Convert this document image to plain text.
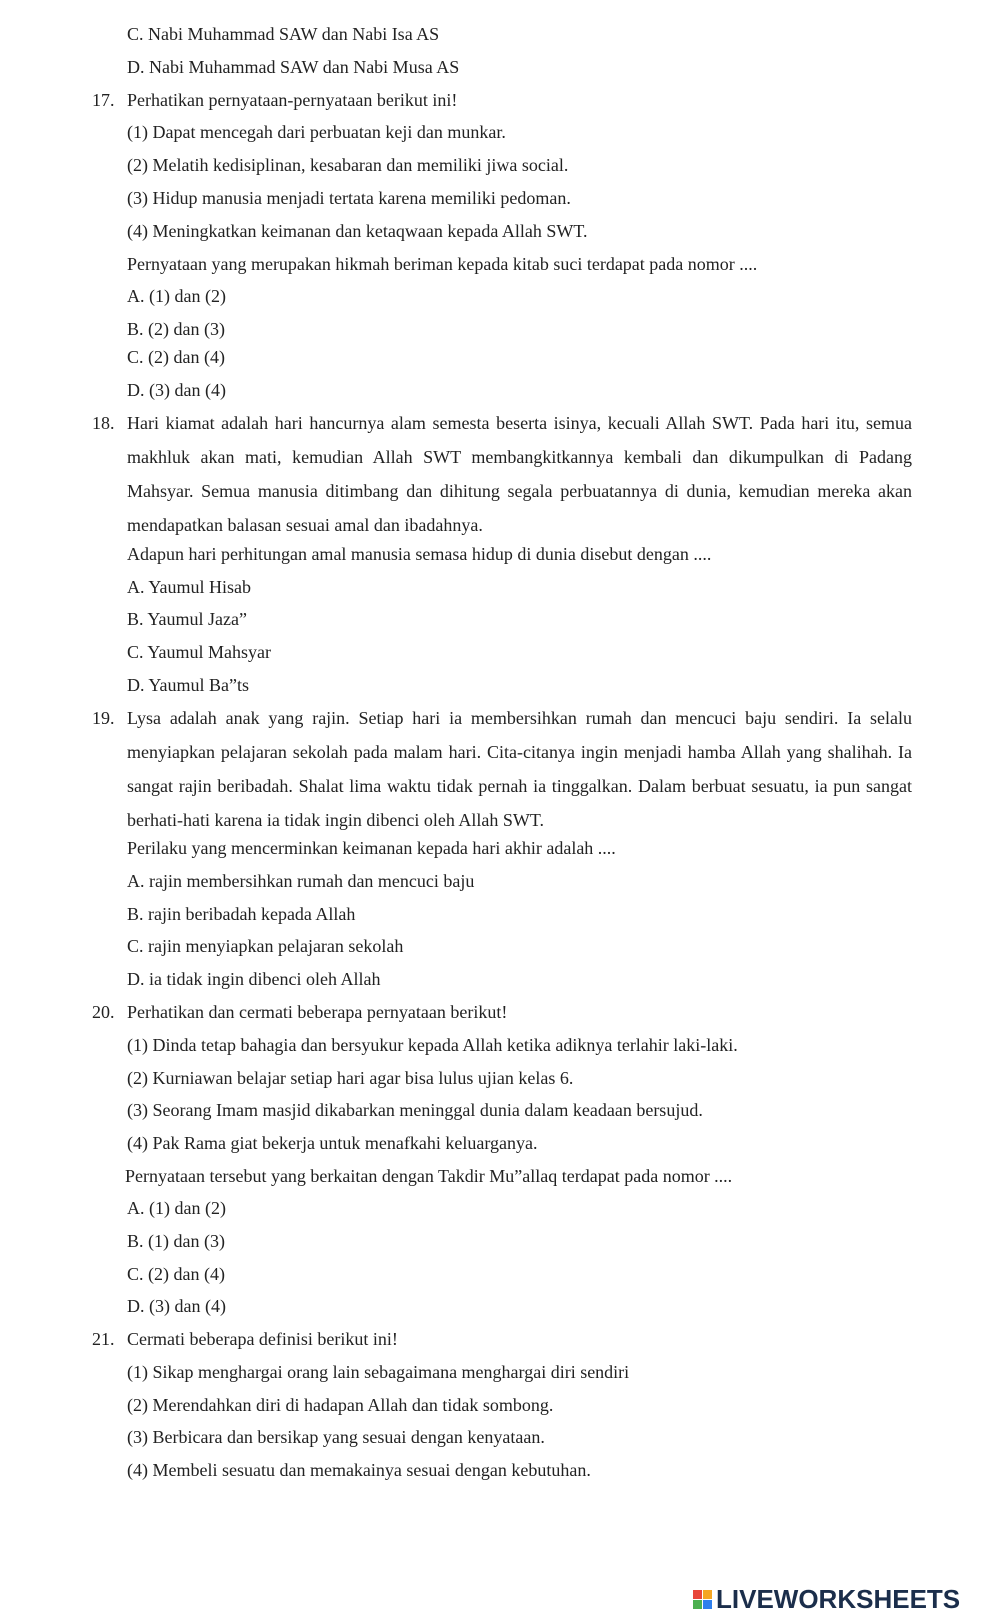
C. Nabi Muhammad SAW dan Nabi Isa AS
D. Nabi Muhammad SAW dan Nabi Musa AS
17. Perhatikan pernyataan-pernyataan berikut ini!
(1) Dapat mencegah dari perbuatan keji dan munkar.
(2) Melatih kedisiplinan, kesabaran dan memiliki jiwa social.
(3) Hidup manusia menjadi tertata karena memiliki pedoman.
(4) Meningkatkan keimanan dan ketaqwaan kepada Allah SWT.
Pernyataan yang merupakan hikmah beriman kepada kitab suci terdapat pada nomor ....
A. (1) dan (2)
B. (2) dan (3)
C. (2) dan (4)
D. (3) dan (4)
18. Hari kiamat adalah hari hancurnya alam semesta beserta isinya, kecuali Allah SWT. Pada hari itu, semua makhluk akan mati, kemudian Allah SWT membangkitkannya kembali dan dikumpulkan di Padang Mahsyar. Semua manusia ditimbang dan dihitung segala perbuatannya di dunia, kemudian mereka akan mendapatkan balasan sesuai amal dan ibadahnya.
Adapun hari perhitungan amal manusia semasa hidup di dunia disebut dengan ....
A. Yaumul Hisab
B. Yaumul Jaza”
C. Yaumul Mahsyar
D. Yaumul Ba”ts
19. Lysa adalah anak yang rajin. Setiap hari ia membersihkan rumah dan mencuci baju sendiri. Ia selalu menyiapkan pelajaran sekolah pada malam hari. Cita-citanya ingin menjadi hamba Allah yang shalihah. Ia sangat rajin beribadah. Shalat lima waktu tidak pernah ia tinggalkan. Dalam berbuat sesuatu, ia pun sangat berhati-hati karena ia tidak ingin dibenci oleh Allah SWT.
Perilaku yang mencerminkan keimanan kepada hari akhir adalah ....
A. rajin membersihkan rumah dan mencuci baju
B. rajin beribadah kepada Allah
C. rajin menyiapkan pelajaran sekolah
D. ia tidak ingin dibenci oleh Allah
20. Perhatikan dan cermati beberapa pernyataan berikut!
(1) Dinda tetap bahagia dan bersyukur kepada Allah ketika adiknya terlahir laki-laki.
(2) Kurniawan belajar setiap hari agar bisa lulus ujian kelas 6.
(3) Seorang Imam masjid dikabarkan meninggal dunia dalam keadaan bersujud.
(4) Pak Rama giat bekerja untuk menafkahi keluarganya.
Pernyataan tersebut yang berkaitan dengan Takdir Mu”allaq terdapat pada nomor ....
A. (1) dan (2)
B. (1) dan (3)
C. (2) dan (4)
D. (3) dan (4)
21. Cermati beberapa definisi berikut ini!
(1) Sikap menghargai orang lain sebagaimana menghargai diri sendiri
(2) Merendahkan diri di hadapan Allah dan tidak sombong.
(3) Berbicara dan bersikap yang sesuai dengan kenyataan.
(4) Membeli sesuatu dan memakainya sesuai dengan kebutuhan.
LIVEWORKSHEETS
